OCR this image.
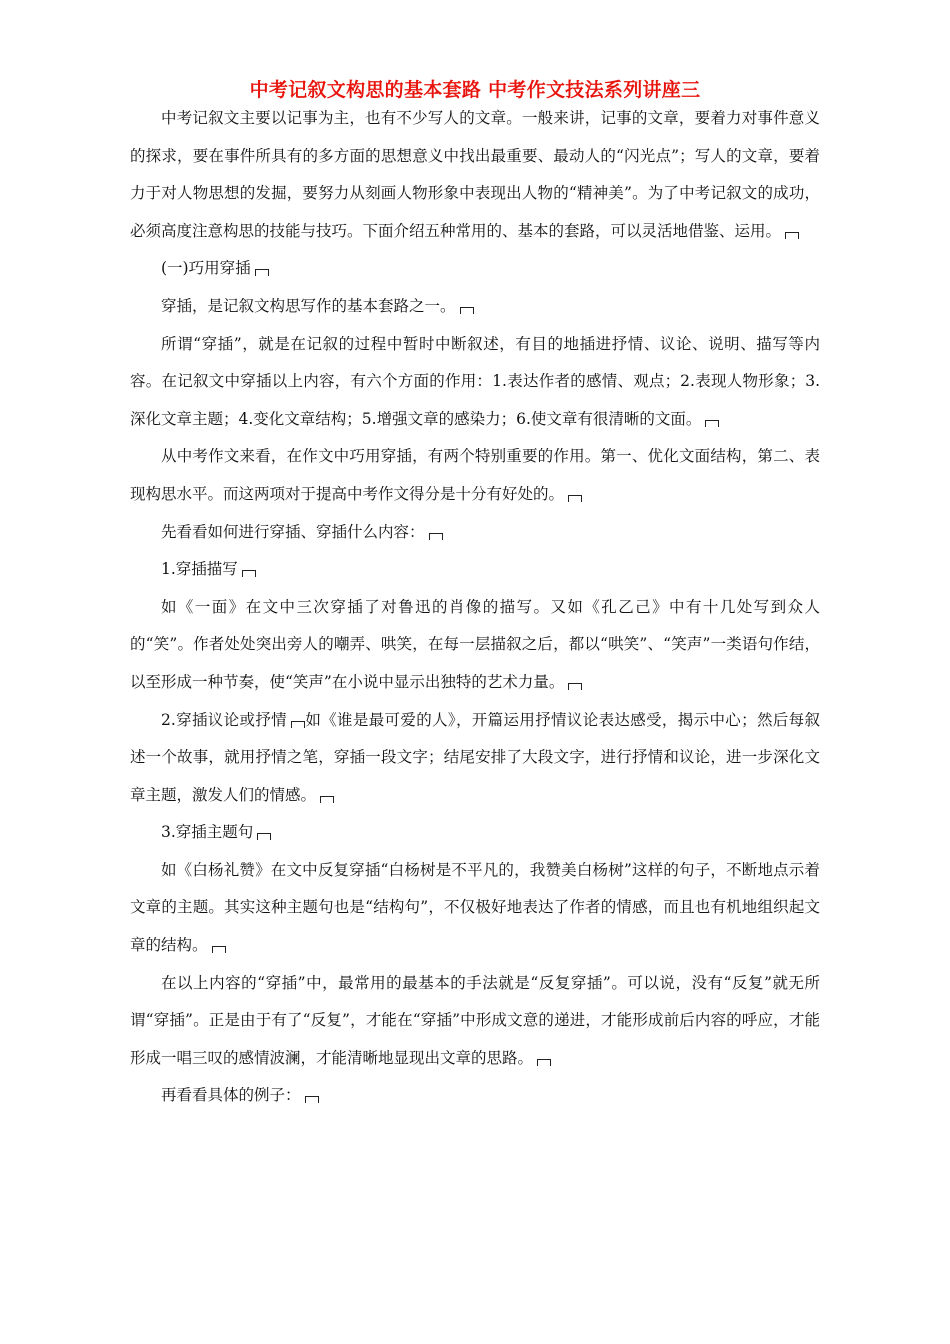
中考记叙文构思的基本套路 中考作文技法系列讲座三

中考记叙文主要以记事为主，也有不少写人的文章。一般来讲，记事的文章，要着力对事件意义的探求，要在事件所具有的多方面的思想意义中找出最重要、最动人的“闪光点”；写人的文章，要着力于对人物思想的发掘，要努力从刻画人物形象中表现出人物的“精神美”。为了中考记叙文的成功，必须高度注意构思的技能与技巧。下面介绍五种常用的、基本的套路，可以灵活地借鉴、运用。

(一)巧用穿插

穿插，是记叙文构思写作的基本套路之一。

所谓“穿插”，就是在记叙的过程中暂时中断叙述，有目的地插进抒情、议论、说明、描写等内容。在记叙文中穿插以上内容，有六个方面的作用：1.表达作者的感情、观点；2.表现人物形象；3.深化文章主题；4.变化文章结构；5.增强文章的感染力；6.使文章有很清晰的文面。

从中考作文来看，在作文中巧用穿插，有两个特别重要的作用。第一、优化文面结构，第二、表现构思水平。而这两项对于提高中考作文得分是十分有好处的。

先看看如何进行穿插、穿插什么内容：

1.穿插描写

如《一面》在文中三次穿插了对鲁迅的肖像的描写。又如《孔乙己》中有十几处写到众人的“笑”。作者处处突出旁人的嘲弄、哄笑，在每一层描叙之后，都以“哄笑”、“笑声”一类语句作结，以至形成一种节奏，使“笑声”在小说中显示出独特的艺术力量。

2.穿插议论或抒情 如《谁是最可爱的人》，开篇运用抒情议论表达感受，揭示中心；然后每叙述一个故事，就用抒情之笔，穿插一段文字；结尾安排了大段文字，进行抒情和议论，进一步深化文章主题，激发人们的情感。

3.穿插主题句

如《白杨礼赞》在文中反复穿插“白杨树是不平凡的，我赞美白杨树”这样的句子，不断地点示着文章的主题。其实这种主题句也是“结构句”，不仅极好地表达了作者的情感，而且也有机地组织起文章的结构。

在以上内容的“穿插”中，最常用的最基本的手法就是“反复穿插”。可以说，没有“反复”就无所谓“穿插”。正是由于有了“反复”，才能在“穿插”中形成文意的递进，才能形成前后内容的呼应，才能形成一唱三叹的感情波澜，才能清晰地显现出文章的思路。

再看看具体的例子：
